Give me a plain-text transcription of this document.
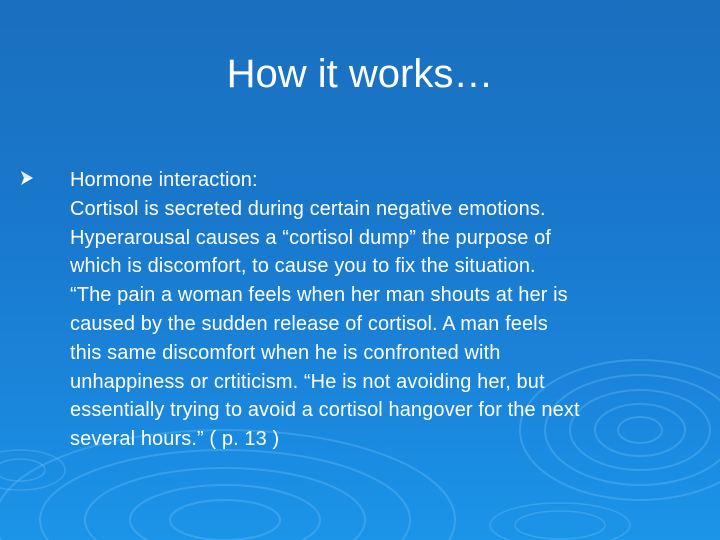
How it works…
Hormone interaction:
Cortisol is secreted during certain negative emotions.
Hyperarousal causes a “cortisol dump” the purpose of
which is discomfort, to cause you to fix the situation.
“The pain a woman feels when her man shouts at her is
caused by the sudden release of cortisol. A man feels
this same discomfort when he is confronted with
unhappiness or crtiticism. “He is not avoiding her, but
essentially trying to avoid a cortisol hangover for the next
several hours.” ( p. 13 )
